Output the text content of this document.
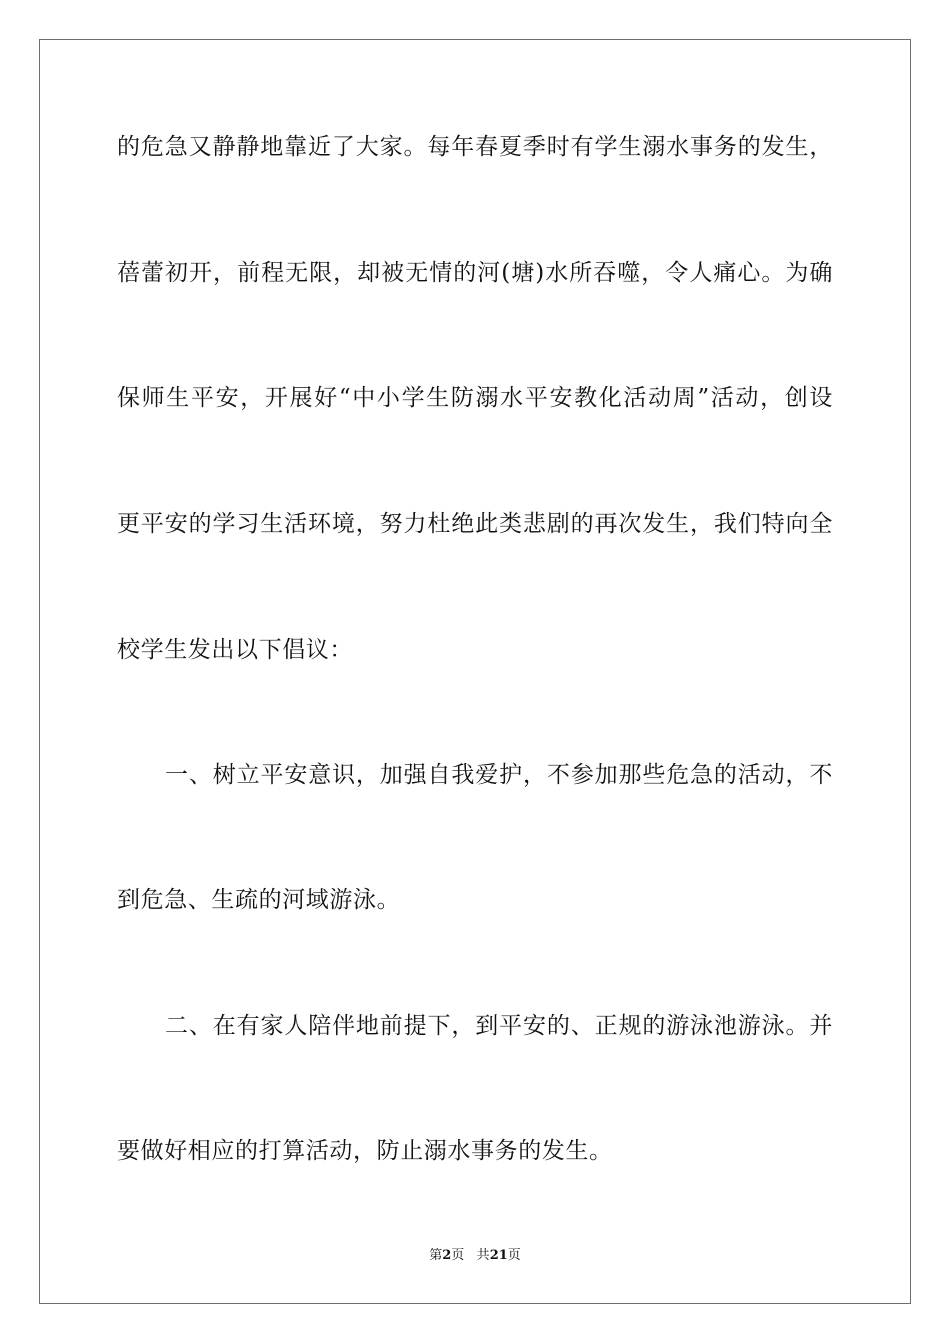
的危急又静静地靠近了大家。每年春夏季时有学生溺水事务的发生，
蓓蕾初开，前程无限，却被无情的河(塘)水所吞噬，令人痛心。为确
保师生平安，开展好“中小学生防溺水平安教化活动周”活动，创设
更平安的学习生活环境，努力杜绝此类悲剧的再次发生，我们特向全
校学生发出以下倡议：
一、树立平安意识，加强自我爱护，不参加那些危急的活动，不
到危急、生疏的河域游泳。
二、在有家人陪伴地前提下，到平安的、正规的游泳池游泳。并
要做好相应的打算活动，防止溺水事务的发生。
第2页 共21页
